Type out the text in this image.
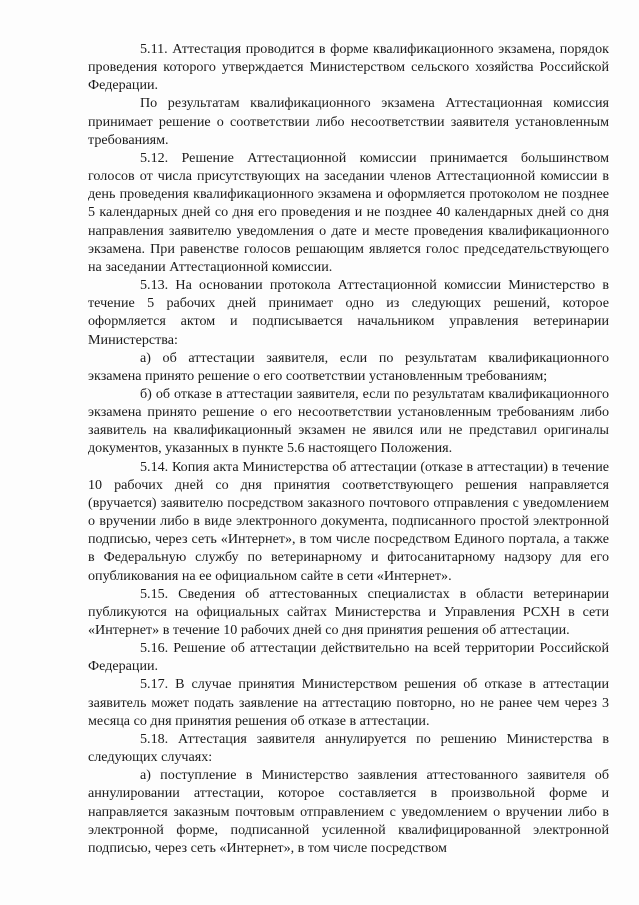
5.11. Аттестация проводится в форме квалификационного экзамена, порядок проведения которого утверждается Министерством сельского хозяйства Российской Федерации.

По результатам квалификационного экзамена Аттестационная комиссия принимает решение о соответствии либо несоответствии заявителя установленным требованиям.

5.12. Решение Аттестационной комиссии принимается большинством голосов от числа присутствующих на заседании членов Аттестационной комиссии в день проведения квалификационного экзамена и оформляется протоколом не позднее 5 календарных дней со дня его проведения и не позднее 40 календарных дней со дня направления заявителю уведомления о дате и месте проведения квалификационного экзамена. При равенстве голосов решающим является голос председательствующего на заседании Аттестационной комиссии.

5.13. На основании протокола Аттестационной комиссии Министерство в течение 5 рабочих дней принимает одно из следующих решений, которое оформляется актом и подписывается начальником управления ветеринарии Министерства:

а) об аттестации заявителя, если по результатам квалификационного экзамена принято решение о его соответствии установленным требованиям;

б) об отказе в аттестации заявителя, если по результатам квалификационного экзамена принято решение о его несоответствии установленным требованиям либо заявитель на квалификационный экзамен не явился или не представил оригиналы документов, указанных в пункте 5.6 настоящего Положения.

5.14. Копия акта Министерства об аттестации (отказе в аттестации) в течение 10 рабочих дней со дня принятия соответствующего решения направляется (вручается) заявителю посредством заказного почтового отправления с уведомлением о вручении либо в виде электронного документа, подписанного простой электронной подписью, через сеть «Интернет», в том числе посредством Единого портала, а также в Федеральную службу по ветеринарному и фитосанитарному надзору для его опубликования на ее официальном сайте в сети «Интернет».

5.15. Сведения об аттестованных специалистах в области ветеринарии публикуются на официальных сайтах Министерства и Управления РСХН в сети «Интернет» в течение 10 рабочих дней со дня принятия решения об аттестации.

5.16. Решение об аттестации действительно на всей территории Российской Федерации.

5.17. В случае принятия Министерством решения об отказе в аттестации заявитель может подать заявление на аттестацию повторно, но не ранее чем через 3 месяца со дня принятия решения об отказе в аттестации.

5.18. Аттестация заявителя аннулируется по решению Министерства в следующих случаях:

а) поступление в Министерство заявления аттестованного заявителя об аннулировании аттестации, которое составляется в произвольной форме и направляется заказным почтовым отправлением с уведомлением о вручении либо в электронной форме, подписанной усиленной квалифицированной электронной подписью, через сеть «Интернет», в том числе посредством
